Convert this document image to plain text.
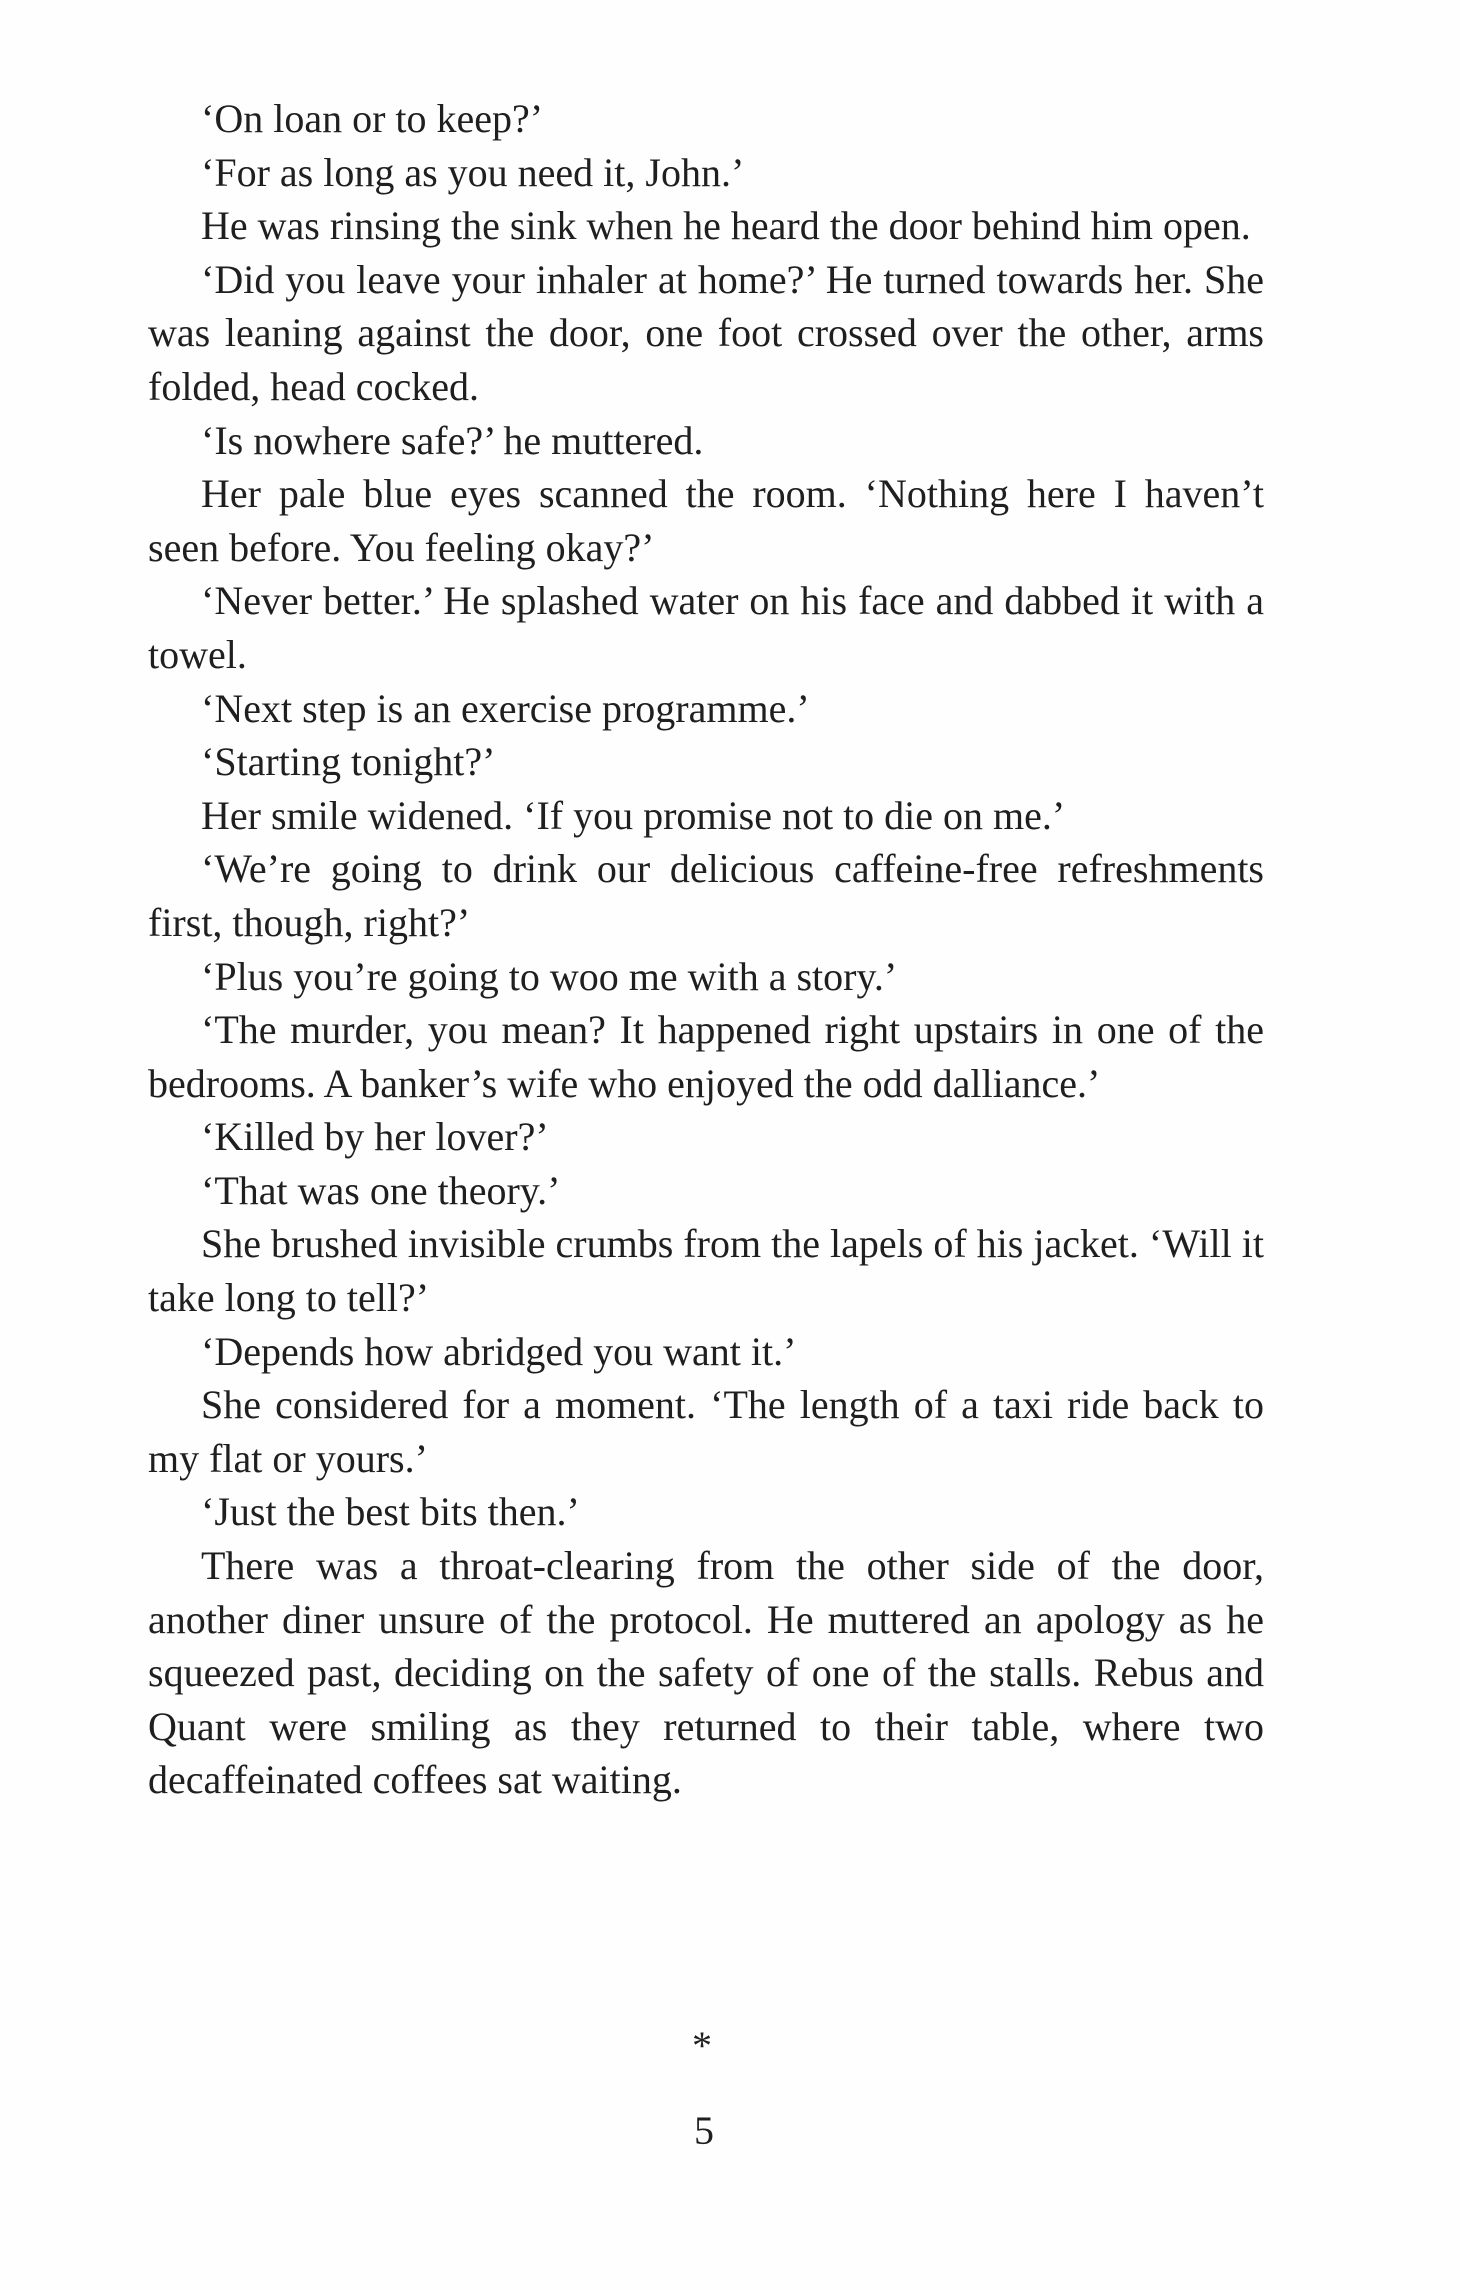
‘On loan or to keep?’

‘For as long as you need it, John.’

He was rinsing the sink when he heard the door behind him open.

‘Did you leave your inhaler at home?’ He turned towards her. She was leaning against the door, one foot crossed over the other, arms folded, head cocked.

‘Is nowhere safe?’ he muttered.

Her pale blue eyes scanned the room. ‘Nothing here I haven’t seen before. You feeling okay?’

‘Never better.’ He splashed water on his face and dabbed it with a towel.

‘Next step is an exercise programme.’

‘Starting tonight?’

Her smile widened. ‘If you promise not to die on me.’

‘We’re going to drink our delicious caffeine-free refreshments first, though, right?’

‘Plus you’re going to woo me with a story.’

‘The murder, you mean? It happened right upstairs in one of the bedrooms. A banker’s wife who enjoyed the odd dalliance.’

‘Killed by her lover?’

‘That was one theory.’

She brushed invisible crumbs from the lapels of his jacket. ‘Will it take long to tell?’

‘Depends how abridged you want it.’

She considered for a moment. ‘The length of a taxi ride back to my flat or yours.’

‘Just the best bits then.’

There was a throat-clearing from the other side of the door, another diner unsure of the protocol. He muttered an apology as he squeezed past, deciding on the safety of one of the stalls. Rebus and Quant were smiling as they returned to their table, where two decaffeinated coffees sat waiting.

*
5
